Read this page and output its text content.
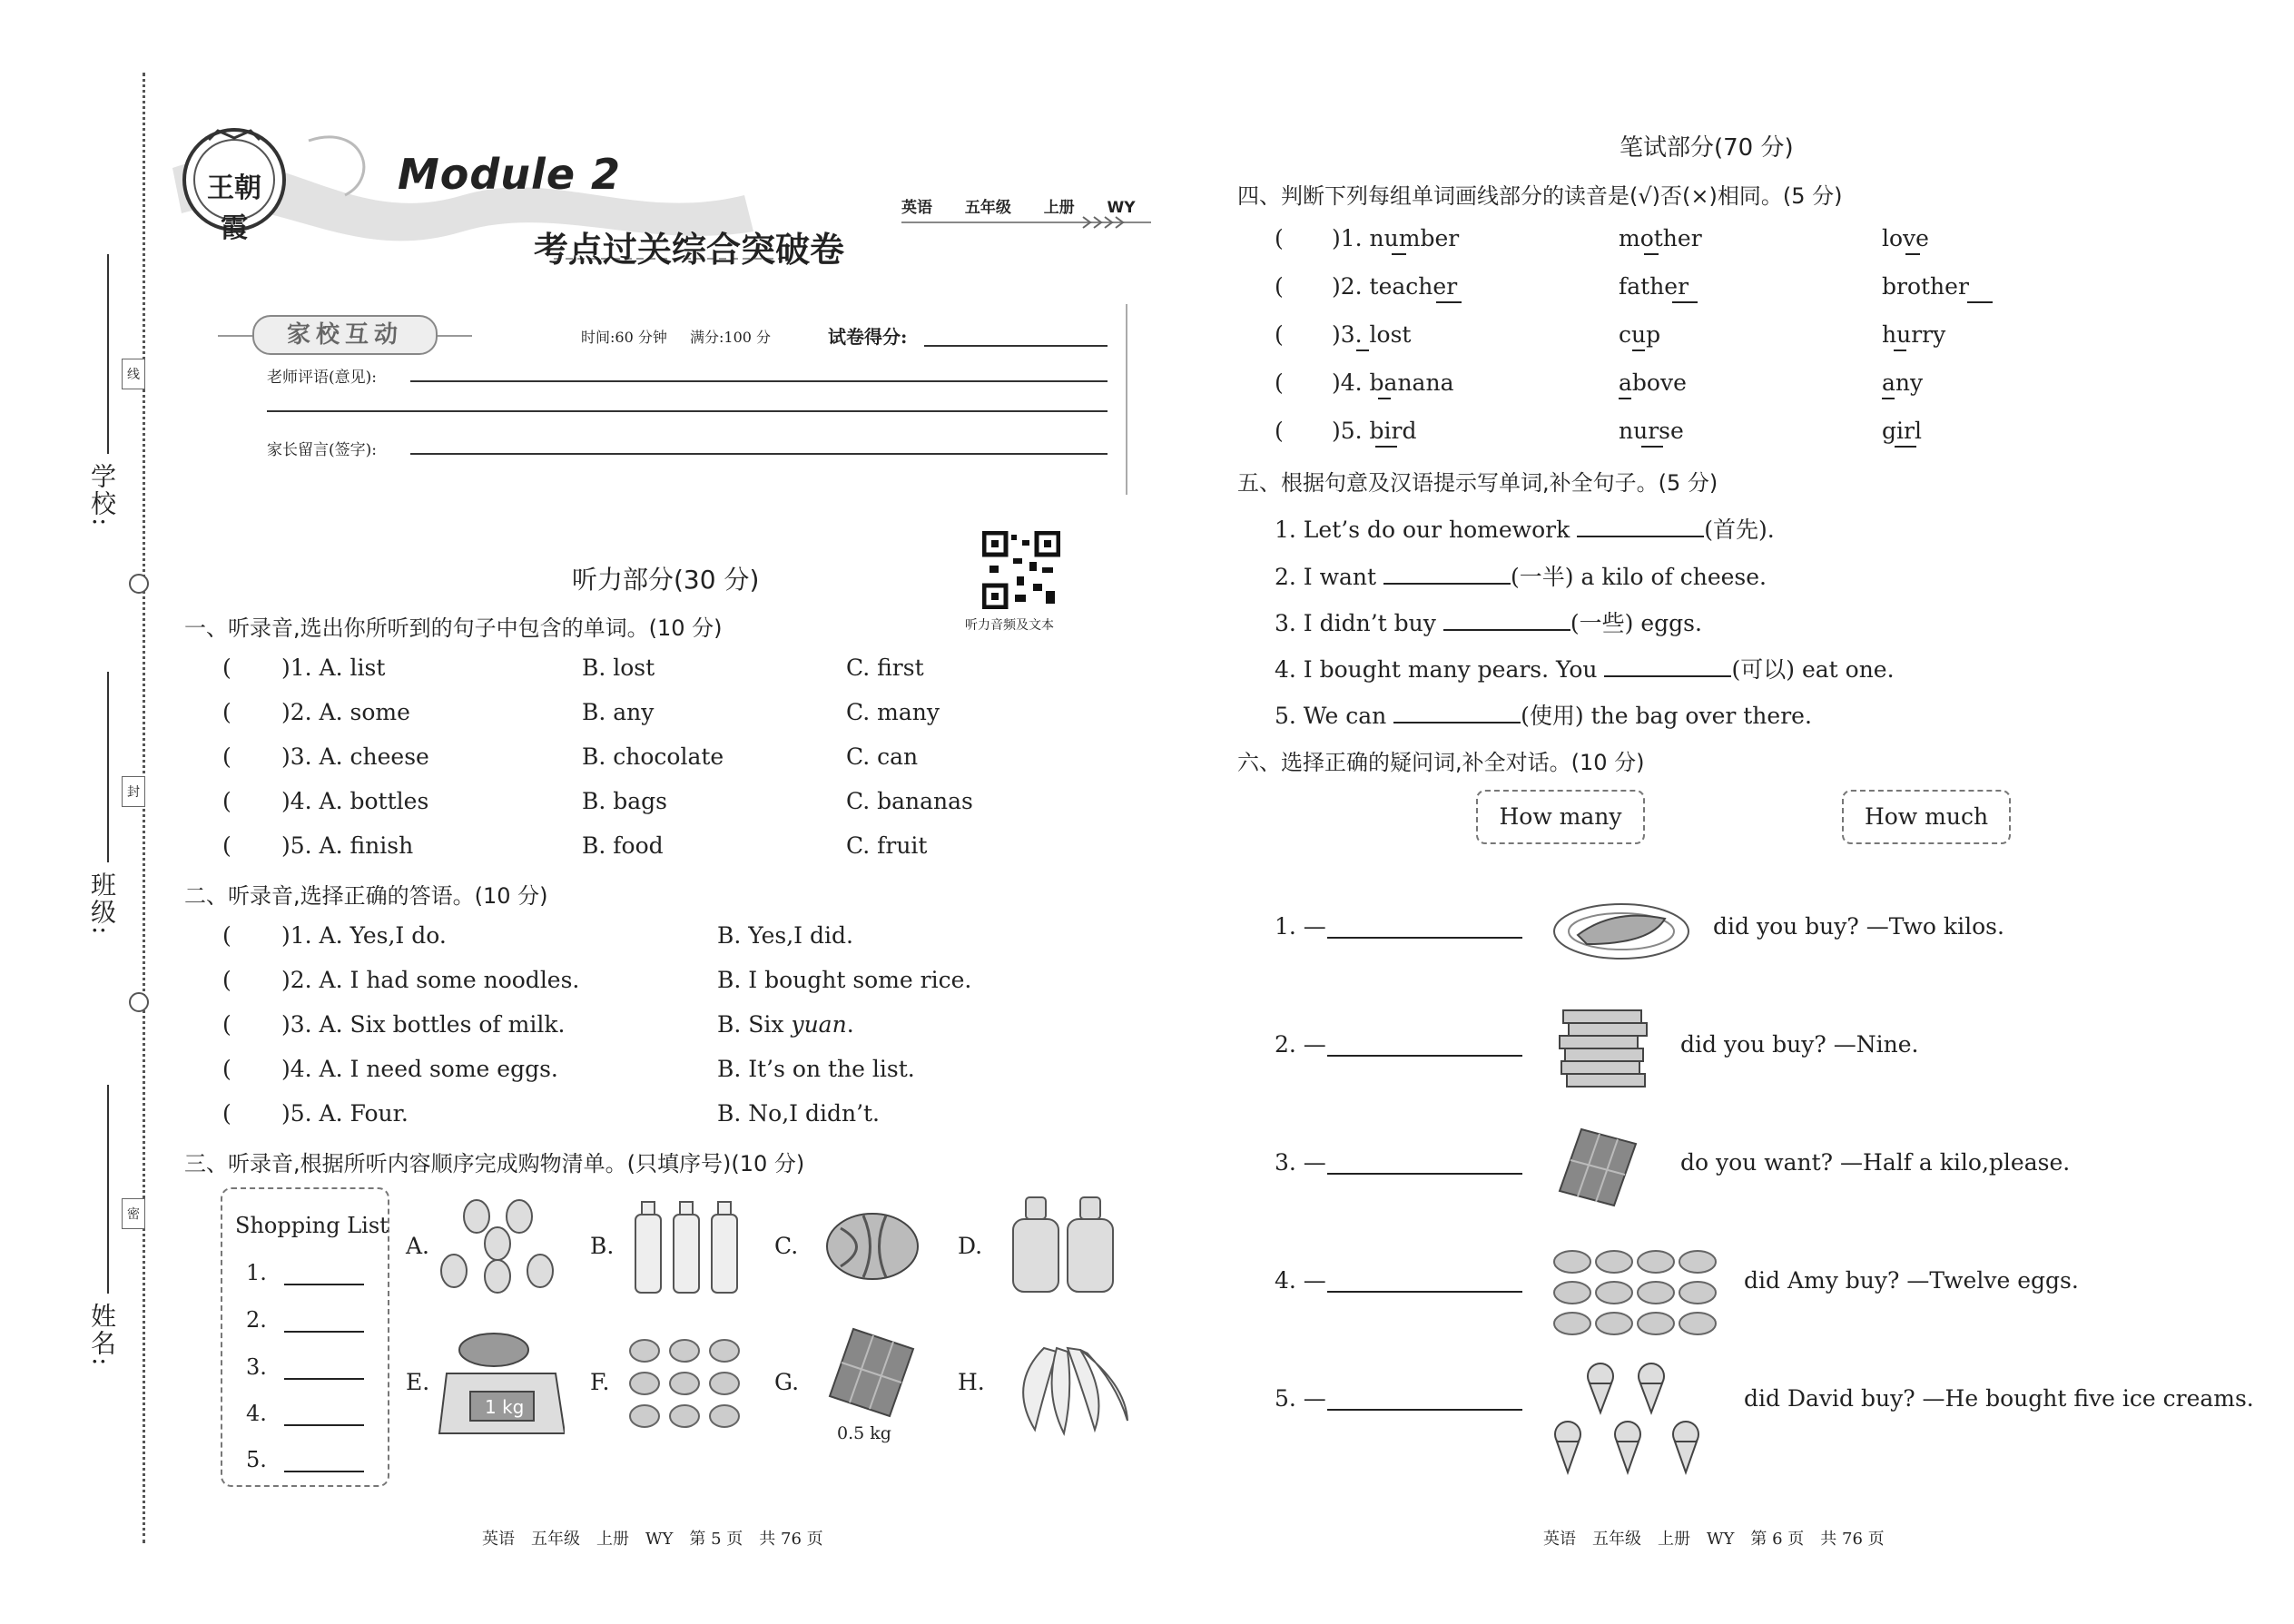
学校:
班级:
姓名:
线
封
密
王朝霞
Module 2
考点过关综合突破卷
英语 五年级 上册 WY
家校互动	时间:60 分钟 满分:100 分	试卷得分:
老师评语(意见):
家长留言(签字):
听力音频及文本
听力部分(30 分)
一、听录音,选出你所听到的句子中包含的单词。(10 分)
( )1. A. list	B. lost	C. first
( )2. A. some	B. any	C. many
( )3. A. cheese	B. chocolate	C. can
( )4. A. bottles	B. bags	C. bananas
( )5. A. finish	B. food	C. fruit
二、听录音,选择正确的答语。(10 分)
( )1. A. Yes,I do.	B. Yes,I did.
( )2. A. I had some noodles.	B. I bought some rice.
( )3. A. Six bottles of milk.	B. Six yuan.
( )4. A. I need some eggs.	B. It’s on the list.
( )5. A. Four.	B. No,I didn’t.
三、听录音,根据所听内容顺序完成购物清单。(只填序号)(10 分)
Shopping List
1.
2.
3.
4.
5.
A.	B.	C.	D.
E.	F.	G.	H.
1 kg
0.5 kg
英语　五年级　上册　WY　第 5 页　共 76 页
笔试部分(70 分)
四、判断下列每组单词画线部分的读音是(√)否(×)相同。(5 分)
( )1. number	mother	love
( )2. teacher	father	brother
( )3. lost	cup	hurry
( )4. banana	above	any
( )5. bird	nurse	girl
五、根据句意及汉语提示写单词,补全句子。(5 分)
1. Let’s do our homework	(首先).
2. I want	(一半) a kilo of cheese.
3. I didn’t buy	(一些) eggs.
4. I bought many pears. You	(可以) eat one.
5. We can	(使用) the bag over there.
六、选择正确的疑问词,补全对话。(10 分)
How many	How much
1. —	did you buy? —Two kilos.
2. —	did you buy? —Nine.
3. —	do you want? —Half a kilo,please.
4. —	did Amy buy? —Twelve eggs.
5. —	did David buy? —He bought five ice creams.
英语　五年级　上册　WY　第 6 页　共 76 页
